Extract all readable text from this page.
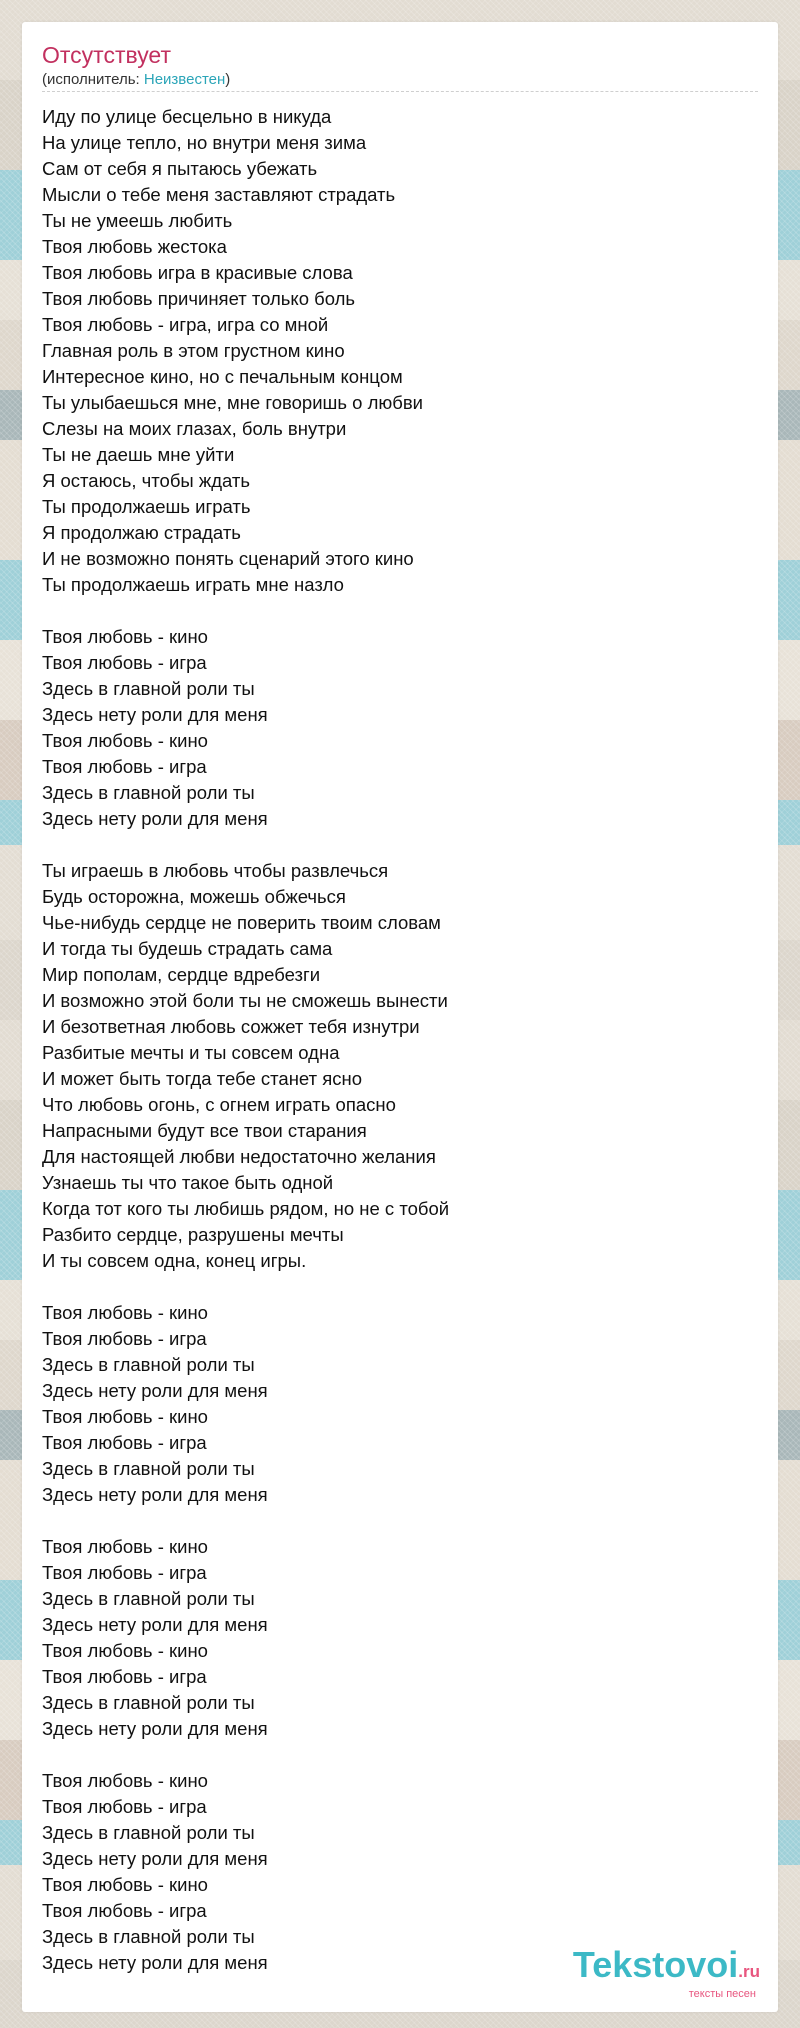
Отсутствует
(исполнитель: Неизвестен)
Иду по улице бесцельно в никуда
На улице тепло, но внутри меня зима
Сам от себя я пытаюсь убежать
Мысли о тебе меня заставляют страдать
Ты не умеешь любить
Твоя любовь жестока
Твоя любовь игра в красивые слова
Твоя любовь причиняет только боль
Твоя любовь - игра, игра со мной
Главная роль в этом грустном кино
Интересное кино, но с печальным концом
Ты улыбаешься мне, мне говоришь о любви
Слезы на моих глазах, боль внутри
Ты не даешь мне уйти
Я остаюсь, чтобы ждать
Ты продолжаешь играть
Я продолжаю страдать
И не возможно понять сценарий этого кино
Ты продолжаешь играть мне назло
Твоя любовь - кино
Твоя любовь - игра
Здесь в главной роли ты
Здесь нету роли для меня
Твоя любовь - кино
Твоя любовь - игра
Здесь в главной роли ты
Здесь нету роли для меня
Ты играешь в любовь чтобы развлечься
Будь осторожна, можешь обжечься
Чье-нибудь сердце не поверить твоим словам
И тогда ты будешь страдать сама
Мир пополам, сердце вдребезги
И возможно этой боли ты не сможешь вынести
И безответная любовь сожжет тебя изнутри
Разбитые мечты и ты совсем одна
И может быть тогда тебе станет ясно
Что любовь огонь, с огнем играть опасно
Напрасными будут все твои старания
Для настоящей любви недостаточно желания
Узнаешь ты что такое быть одной
Когда тот кого ты любишь рядом, но не с тобой
Разбито сердце, разрушены мечты
И ты совсем одна, конец игры.
Твоя любовь - кино
Твоя любовь - игра
Здесь в главной роли ты
Здесь нету роли для меня
Твоя любовь - кино
Твоя любовь - игра
Здесь в главной роли ты
Здесь нету роли для меня
Твоя любовь - кино
Твоя любовь - игра
Здесь в главной роли ты
Здесь нету роли для меня
Твоя любовь - кино
Твоя любовь - игра
Здесь в главной роли ты
Здесь нету роли для меня
Твоя любовь - кино
Твоя любовь - игра
Здесь в главной роли ты
Здесь нету роли для меня
Твоя любовь - кино
Твоя любовь - игра
Здесь в главной роли ты
Здесь нету роли для меня	Tekstovoi.ru
тексты песен
